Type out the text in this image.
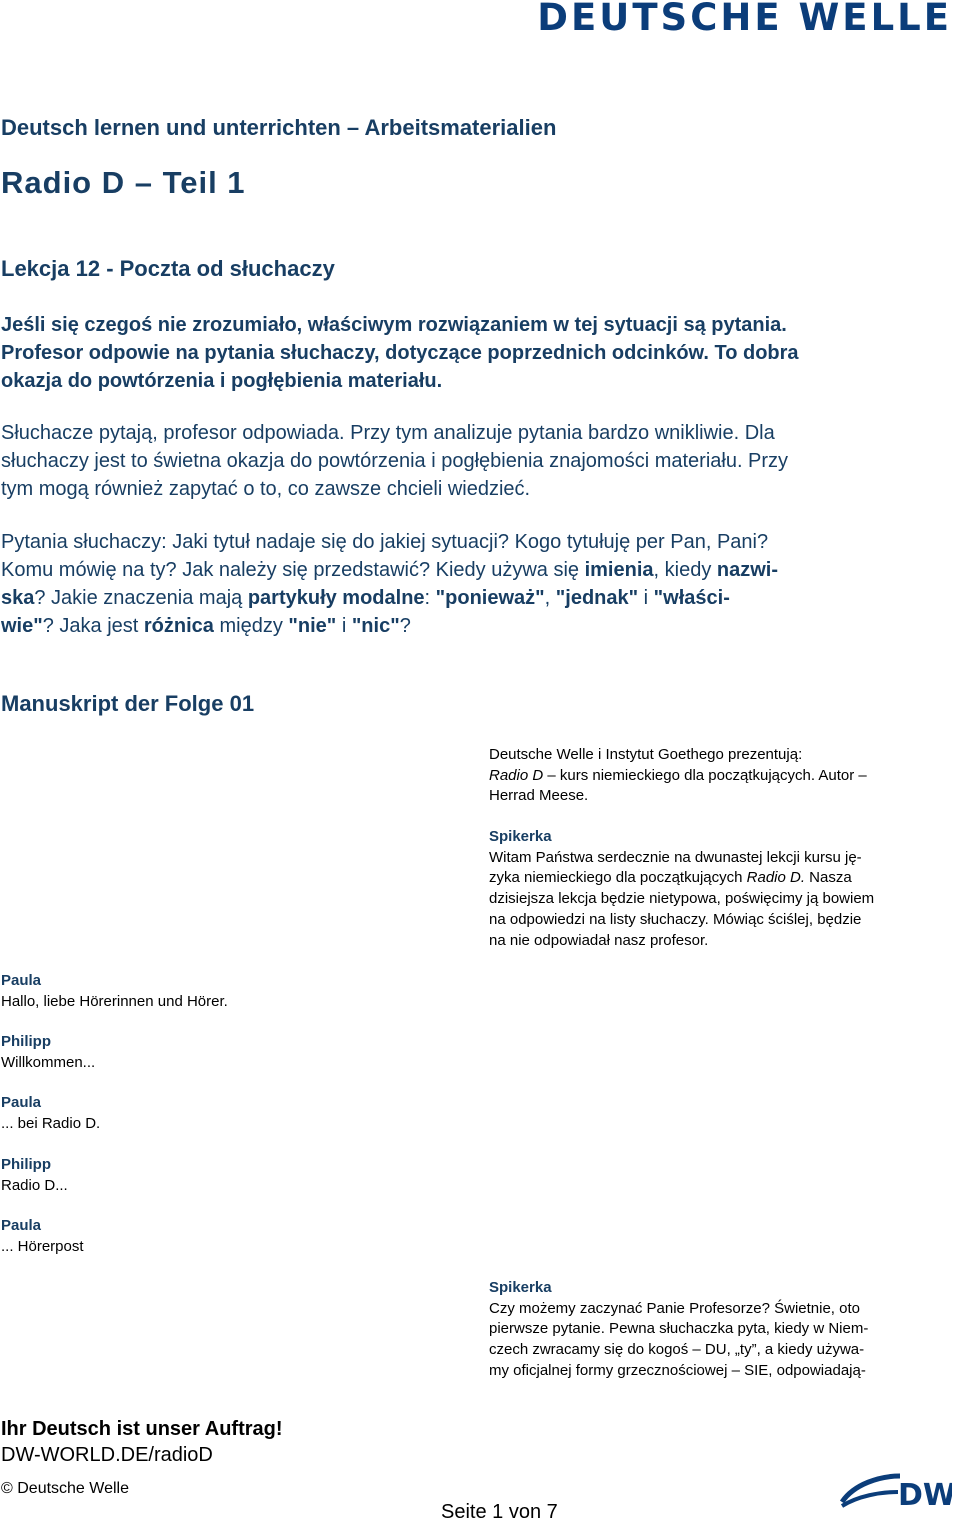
DEUTSCHE WELLE
Deutsch lernen und unterrichten – Arbeitsmaterialien
Radio D – Teil 1
Lekcja 12 - Poczta od słuchaczy

Jeśli się czegoś nie zrozumiało, właściwym rozwiązaniem w tej sytuacji są pytania.

Profesor odpowie na pytania słuchaczy, dotyczące poprzednich odcinków. To dobra

okazja do powtórzenia i pogłębienia materiału.

Słuchacze pytają, profesor odpowiada. Przy tym analizuje pytania bardzo wnikliwie. Dla

słuchaczy jest to świetna okazja do powtórzenia i pogłębienia znajomości materiału. Przy

tym mogą również zapytać o to, co zawsze chcieli wiedzieć.

Pytania słuchaczy: Jaki tytuł nadaje się do jakiej sytuacji? Kogo tytułuję per Pan, Pani?
Komu mówię na ty? Jak należy się przedstawić? Kiedy używa się imienia, kiedy nazwi-
ska? Jakie znaczenia mają partykuły modalne: "ponieważ", "jednak" i "właści-
wie"? Jaka jest różnica między "nie" i "nic"?
Manuskript der Folge 01

Deutsche Welle i Instytut Goethego prezentują:

Radio D – kurs niemieckiego dla początkujących. Autor –

Herrad Meese.

Spikerka

Witam Państwa serdecznie na dwunastej lekcji kursu ję-

zyka niemieckiego dla początkujących Radio D. Nasza

dzisiejsza lekcja będzie nietypowa, poświęcimy ją bowiem

na odpowiedzi na listy słuchaczy. Mówiąc ściślej, będzie

na nie odpowiadał nasz profesor.

Paula

Hallo, liebe Hörerinnen und Hörer.

Philipp

Willkommen...

Paula

... bei Radio D.

Philipp

Radio D...

Paula

... Hörerpost

Spikerka

Czy możemy zaczynać Panie Profesorze? Świetnie, oto

pierwsze pytanie. Pewna słuchaczka pyta, kiedy w Niem-

czech zwracamy się do kogoś – DU, „ty”, a kiedy używa-

my oficjalnej formy grzecznościowej – SIE, odpowiadają-

Ihr Deutsch ist unser Auftrag!
DW-WORLD.DE/radioD
© Deutsche Welle
Seite 1 von 7	DW
